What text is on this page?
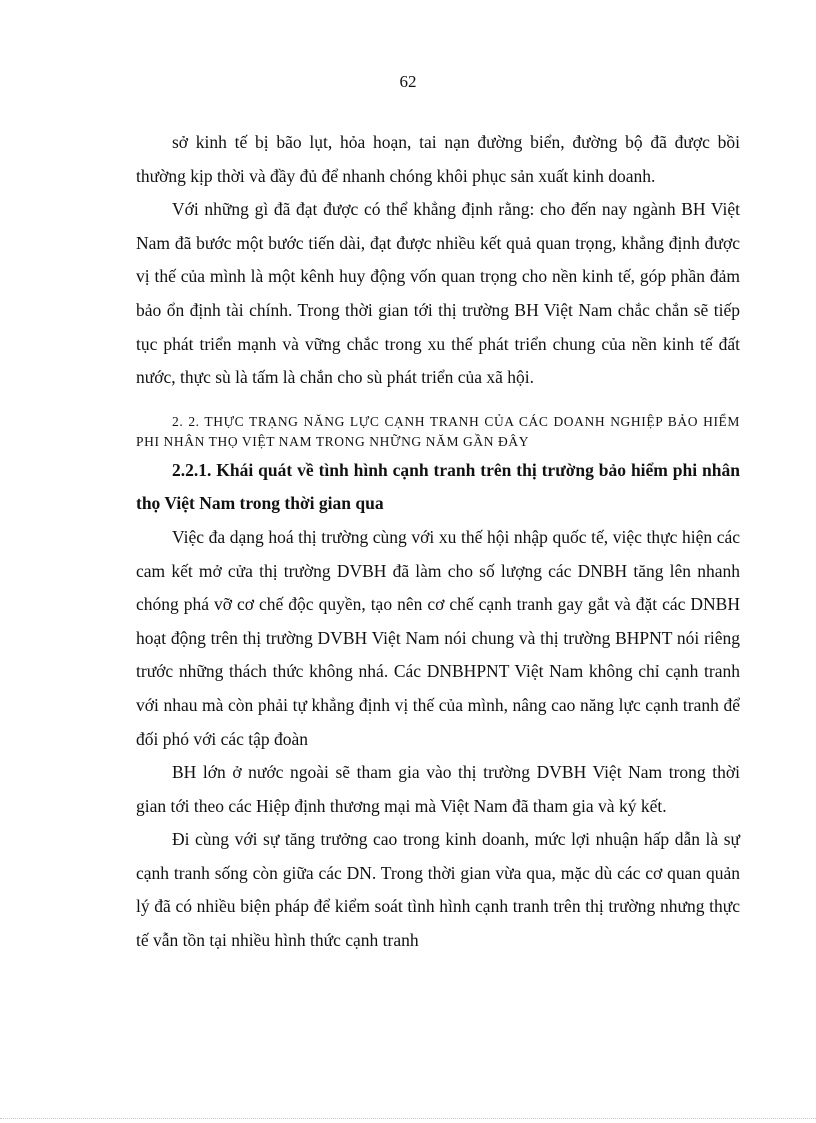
62

sở kinh tế bị bão lụt, hỏa hoạn, tai nạn đường biển, đường bộ đã được bồi thường kịp thời và đầy đủ để nhanh chóng khôi phục sản xuất kinh doanh.

Với những gì đã đạt được có thể khẳng định rằng: cho đến nay ngành BH Việt Nam đã bước một bước tiến dài, đạt được nhiều kết quả quan trọng, khẳng định được vị thế của mình là một kênh huy động vốn quan trọng cho nền kinh tế, góp phần đảm bảo ổn định tài chính. Trong thời gian tới thị trường BH Việt Nam chắc chắn sẽ tiếp tục phát triển mạnh và vững chắc trong xu thế phát triển chung của nền kinh tế đất nước, thực sù là tấm là chắn cho sù phát triển của xã hội.

2. 2. THỰC TRẠNG NĂNG LỰC CẠNH TRANH CỦA CÁC DOANH NGHIỆP BẢO HIỂM PHI NHÂN THỌ VIỆT NAM TRONG NHỮNG NĂM GẦN ĐÂY

2.2.1. Khái quát về tình hình cạnh tranh trên thị trường bảo hiểm phi nhân thọ Việt Nam trong thời gian qua

Việc đa dạng hoá thị trường cùng với xu thế hội nhập quốc tế, việc thực hiện các cam kết mở cửa thị trường DVBH đã làm cho số lượng các DNBH tăng lên nhanh chóng phá vỡ cơ chế độc quyền, tạo nên cơ chế cạnh tranh gay gắt và đặt các DNBH hoạt động trên thị trường DVBH Việt Nam nói chung và thị trường BHPNT nói riêng trước những thách thức không nhá. Các DNBHPNT Việt Nam không chỉ cạnh tranh với nhau mà còn phải tự khẳng định vị thế của mình, nâng cao năng lực cạnh tranh để đối phó với các tập đoàn

BH lớn ở nước ngoài sẽ tham gia vào thị trường DVBH Việt Nam trong thời gian tới theo các Hiệp định thương mại mà Việt Nam đã tham gia và ký kết.

Đi cùng với sự tăng trưởng cao trong kinh doanh, mức lợi nhuận hấp dẫn là sự cạnh tranh sống còn giữa các DN. Trong thời gian vừa qua, mặc dù các cơ quan quản lý đã có nhiều biện pháp để kiểm soát tình hình cạnh tranh trên thị trường nhưng thực tế vẫn tồn tại nhiều hình thức cạnh tranh
